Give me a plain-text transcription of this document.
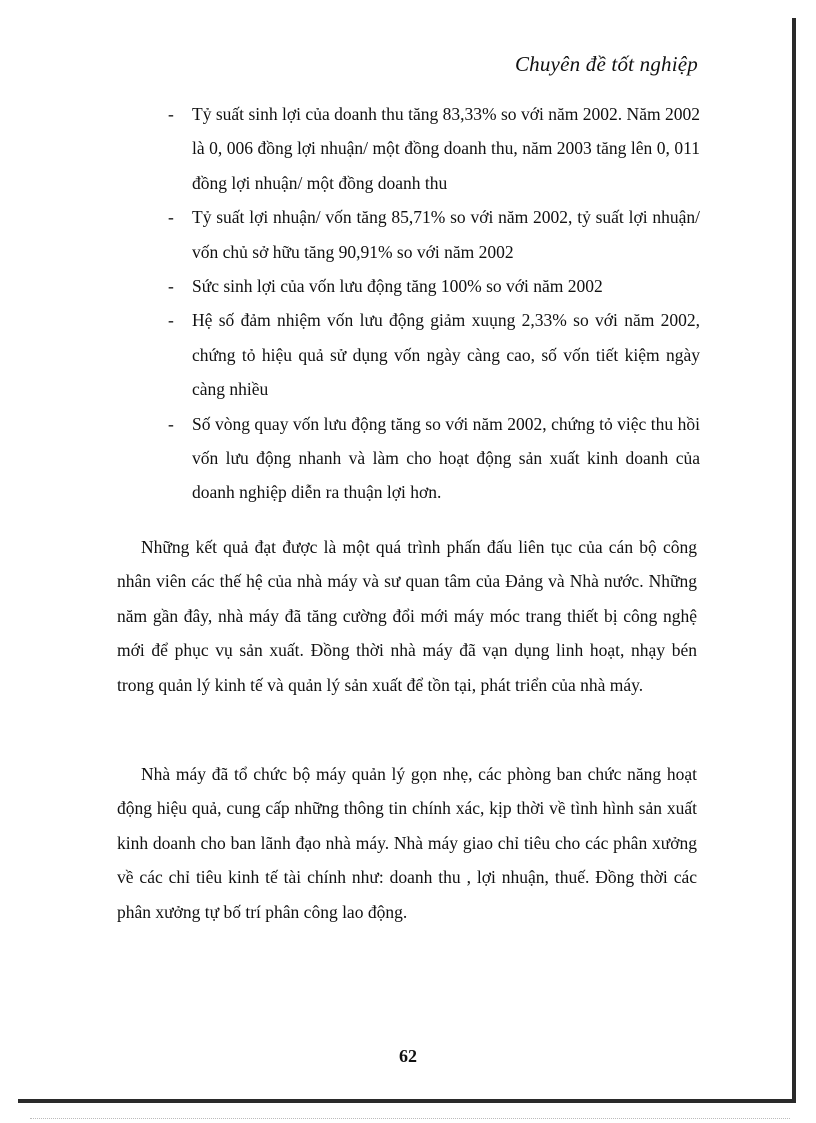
Chuyên đề tốt nghiệp
- Tỷ suất sinh lợi của doanh thu tăng 83,33% so với năm 2002. Năm 2002 là 0, 006 đồng lợi nhuận/ một đồng doanh thu, năm 2003 tăng lên 0, 011 đồng lợi nhuận/ một đồng doanh thu
- Tỷ suất lợi nhuận/ vốn tăng 85,71% so với năm 2002, tỷ suất lợi nhuận/ vốn chủ sở hữu tăng 90,91% so với năm 2002
- Sức sinh lợi của vốn lưu động tăng 100% so với năm 2002
- Hệ số đảm nhiệm vốn lưu động giảm xuụng 2,33% so với năm 2002, chứng tỏ hiệu quả sử dụng vốn ngày càng cao, số vốn tiết kiệm ngày càng nhiều
- Số vòng quay vốn lưu động tăng so với năm 2002, chứng tỏ việc thu hồi vốn lưu động nhanh và làm cho hoạt động sản xuất kinh doanh của doanh nghiệp diễn ra thuận lợi hơn.

Những kết quả đạt được là một quá trình phấn đấu liên tục của cán bộ công nhân viên các thế hệ của nhà máy và sư quan tâm của Đảng và Nhà nước. Những năm gần đây, nhà máy đã tăng cường đổi mới máy móc trang thiết bị công nghệ mới để phục vụ sản xuất. Đồng thời nhà máy đã vạn dụng linh hoạt, nhạy bén trong quản lý kinh tế và quản lý sản xuất để tồn tại, phát triển của nhà máy.

Nhà máy đã tổ chức bộ máy quản lý gọn nhẹ, các phòng ban chức năng hoạt động hiệu quả, cung cấp những thông tin chính xác, kịp thời về tình hình sản xuất kinh doanh cho ban lãnh đạo nhà máy. Nhà máy giao chỉ tiêu cho các phân xưởng về các chỉ tiêu kinh tế tài chính như: doanh thu , lợi nhuận, thuế. Đồng thời các phân xưởng tự bố trí phân công lao động.

62
